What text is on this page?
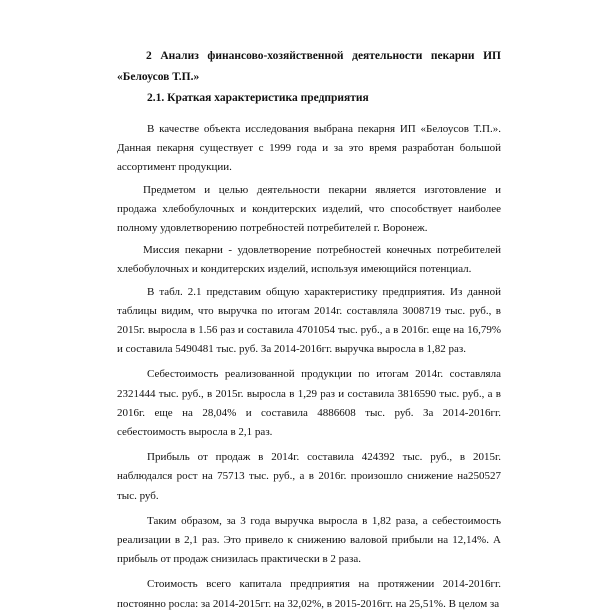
2 Анализ финансово-хозяйственной деятельности пекарни ИП
«Белоусов Т.П.»
2.1. Краткая характеристика предприятия

В качестве объекта исследования выбрана пекарня ИП «Белоусов Т.П.». Данная пекарня существует с 1999 года и за это время разработан большой ассортимент продукции.

Предметом и целью деятельности пекарни является изготовление и продажа хлебобулочных и кондитерских изделий, что способствует наиболее полному удовлетворению потребностей потребителей г. Воронеж.

Миссия пекарни - удовлетворение потребностей конечных потребителей хлебобулочных и кондитерских изделий, используя имеющийся потенциал.

В табл. 2.1 представим общую характеристику предприятия. Из данной таблицы видим, что выручка по итогам 2014г. составляла 3008719 тыс. руб., в 2015г. выросла в 1.56 раз и составила 4701054 тыс. руб., а в 2016г. еще на 16,79% и составила 5490481 тыс. руб. За 2014-2016гг. выручка выросла в 1,82 раз.

Себестоимость реализованной продукции по итогам 2014г. составляла 2321444 тыс. руб., в 2015г. выросла в 1,29 раз и составила 3816590 тыс. руб., а в 2016г. еще на 28,04% и составила 4886608 тыс. руб. За 2014-2016гг. себестоимость выросла в 2,1 раз.

Прибыль от продаж в 2014г. составила 424392 тыс. руб., в 2015г. наблюдался рост на 75713 тыс. руб., а в 2016г. произошло снижение на250527 тыс. руб.

Таким образом, за 3 года выручка выросла в 1,82 раза, а себестоимость реализации в 2,1 раз. Это привело к снижению валовой прибыли на 12,14%. А прибыль от продаж снизилась практически в 2 раза.

Стоимость всего капитала предприятия на протяжении 2014-2016гг. постоянно росла: за 2014-2015гг. на 32,02%, в 2015-2016гг. на 25,51%. В целом за
